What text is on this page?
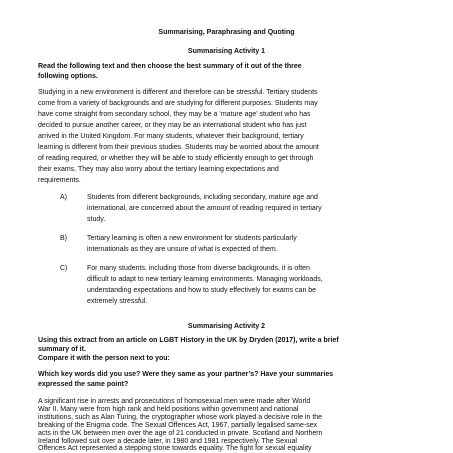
Summarising, Paraphrasing and Quoting
Summarising Activity 1
Read the following text and then choose the best summary of it out of the three
following options.
Studying in a new environment is different and therefore can be stressful. Tertiary students
come from a variety of backgrounds and are studying for different purposes. Students may
have come straight from secondary school, they may be a ‘mature age’ student who has
decided to pursue another career, or they may be an international student who has just
arrived in the United Kingdom. For many students, whatever their background, tertiary
learning is different from their previous studies. Students may be worried about the amount
of reading required, or whether they will be able to study efficiently enough to get through
their exams. They may also worry about the tertiary learning expectations and
requirements.
A)	Students from different backgrounds, including secondary, mature age and
international, are concerned about the amount of reading required in tertiary
study.
B)	Tertiary learning is often a new environment for students particularly
internationals as they are unsure of what is expected of them.
C)	For many students, including those from diverse backgrounds, it is often
difficult to adapt to new tertiary learning environments. Managing workloads,
understanding expectations and how to study effectively for exams can be
extremely stressful.
Summarising Activity 2
Using this extract from an article on LGBT History in the UK by Dryden (2017), write a brief
summary of it.
Compare it with the person next to you:
Which key words did you use? Were they same as your partner’s? Have your summaries
expressed the same point?
A significant rise in arrests and prosecutions of homosexual men were made after World
War II. Many were from high rank and held positions within government and national
institutions, such as Alan Turing, the cryptographer whose work played a decisive role in the
breaking of the Enigma code. The Sexual Offences Act, 1967, partially legalised same-sex
acts in the UK between men over the age of 21 conducted in private. Scotland and Northern
Ireland followed suit over a decade later, in 1980 and 1981 respectively. The Sexual
Offences Act represented a stepping stone towards equality. The fight for sexual equality
